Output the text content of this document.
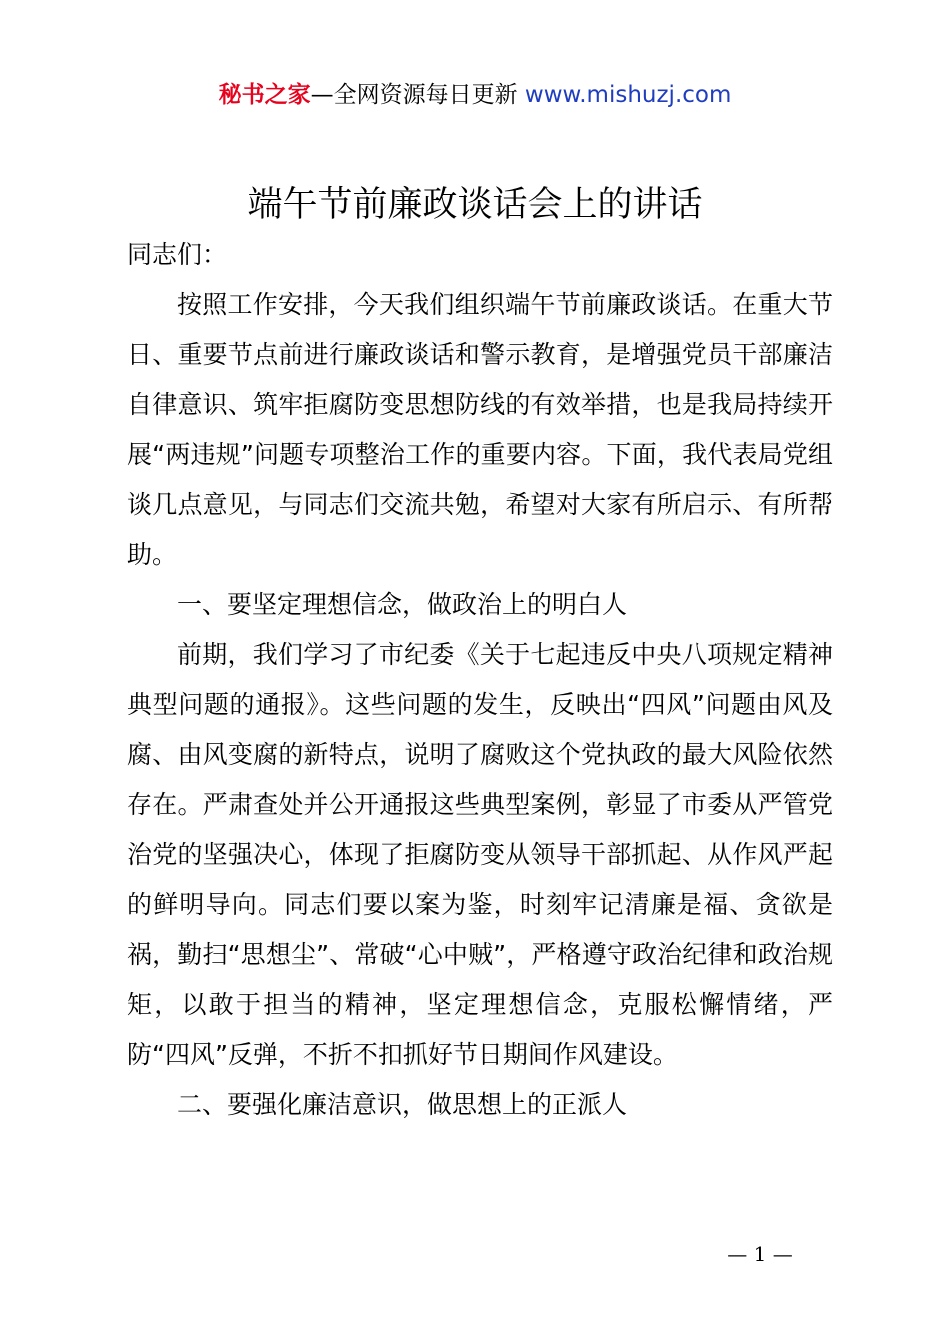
秘书之家—全网资源每日更新 www.mishuzj.com
端午节前廉政谈话会上的讲话

同志们：

按照工作安排，今天我们组织端午节前廉政谈话。在重大节日、重要节点前进行廉政谈话和警示教育，是增强党员干部廉洁自律意识、筑牢拒腐防变思想防线的有效举措，也是我局持续开展“两违规”问题专项整治工作的重要内容。下面，我代表局党组谈几点意见，与同志们交流共勉，希望对大家有所启示、有所帮助。

一、要坚定理想信念，做政治上的明白人

前期，我们学习了市纪委《关于七起违反中央八项规定精神典型问题的通报》。这些问题的发生，反映出“四风”问题由风及腐、由风变腐的新特点，说明了腐败这个党执政的最大风险依然存在。严肃查处并公开通报这些典型案例，彰显了市委从严管党治党的坚强决心，体现了拒腐防变从领导干部抓起、从作风严起的鲜明导向。同志们要以案为鉴，时刻牢记清廉是福、贪欲是祸，勤扫“思想尘”、常破“心中贼”，严格遵守政治纪律和政治规矩，以敢于担当的精神，坚定理想信念，克服松懈情绪，严防“四风”反弹，不折不扣抓好节日期间作风建设。

二、要强化廉洁意识，做思想上的正派人

— 1 —
